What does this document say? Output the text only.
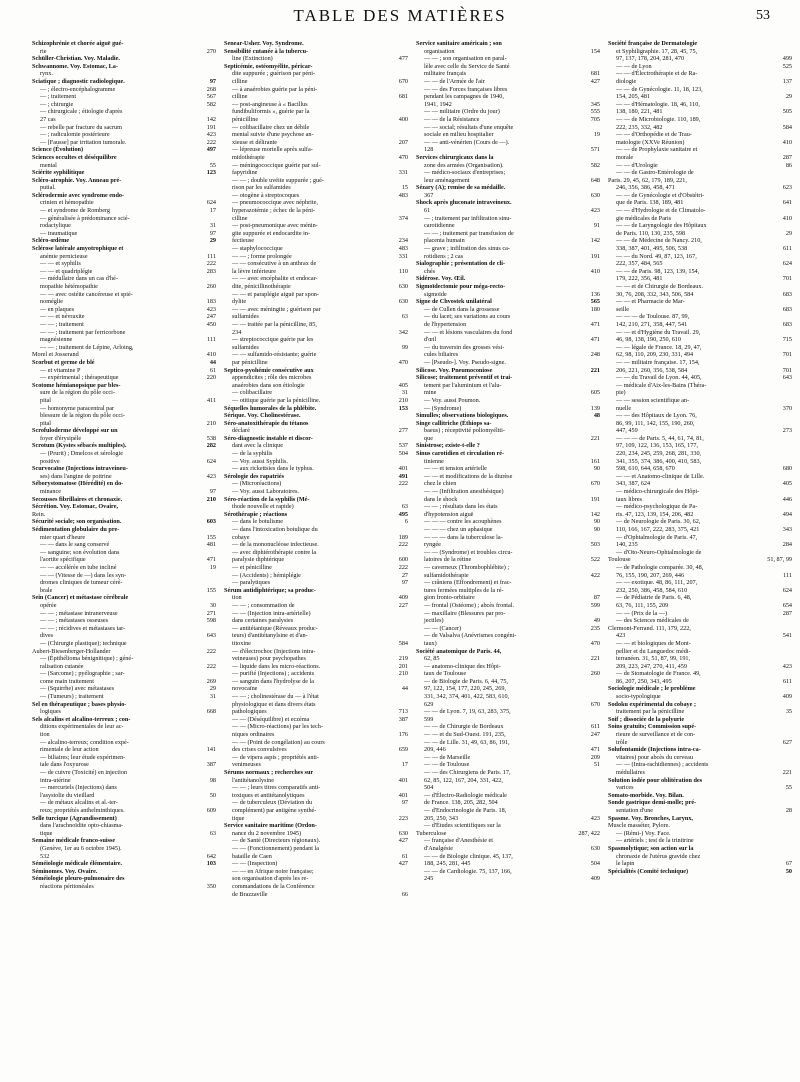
TABLE DES MATIÈRES	53
Schizophrénie et chorée aiguë gué-
rie	270
Schüller-Christian. Voy. Maladie.
Schwannome. Voy. Estomac, La-
rynx.
Sciatique ; diagnostic radiologique.	97
— ; électro-encéphalogramme	268
— ; traitement	567
— ; chirurgie	582
— chirurgicale ; étiologie d'après
27 cas	142
— rebelle par fracture du sacrum	191
— ; radiculomie postérieure	423
— [Fausse] par irritation tumorale.	222
Science (Évolution)	497
Sciences occultes et déséquilibre
mental	55
Sciérite syphilitique	123
Scléro-atrophie. Voy. Anneau pré-
putial.
Sclérodermie avec syndrome endo-
crinien et hémopathie	624
— et syndrome de Romberg	17
— généralisée à prédominance scié-
rodactylique	31
— traumatique	97
Scléro-œdème	29
Sclérose latérale amyotrophique et
anémie pernicieuse	111
— — et syphilis	222
— — et quadriplégie	283
— médullaire dans un cas d'hé-
mopathie hétémopathie	260
— — avec ostéite cancéreuse et spié-
noméglie	183
— en plaques	423
— — et névraxite	247
— — ; traitement	450
— — ; traitement par ferricorbone
magnésienne	111
— — ; traitement de Lépine, Arloing,
Morel et Josserand	410
Scorbut et germe de blé	44
— et vitamine P	61
— expérimental ; thérapeutique	220
Scotome hémianopsique par bles-
sure de la région du pôle occi-
pital	411
— homonyme paracentral par
blessure de la région du pôle occi-
pital	210
Scrofuloderme développé sur un
foyer d'érysipèle	538
Scrotum (Kystes sébacés multiples).	282
— (Prurit) ; Dmelcos et sérologie
positive	624
Scurvocaïne (Injections intraveineu-
ses) dans l'angine de poitrine	423
Séborystomatose (Hérédité) en do-
minance	97
Secousses fibrillaires et chronaxie.	210
Sécrétion. Voy. Estomac, Ovaire,
Rein.
Sécurité sociale; son organisation.	603
Sédimentation globulaire du pre-
mier quart d'heure	155
— — dans le sang conservé	481
— sanguine; son évolution dans
l'aortite spécifique	471
— — accélérée en tube incliné	19
— — (Vitesse de —) dans les syn-
dromes cliniques de tumeur céré-
brale	155
Sein (Cancer) et métastase cérébrale
opérée	30
— — ; métastase intranerveuse	271
— — ; métastases osseuses	598
— — ; récidives et métastases tar-
dives	643
— (Chirurgie plastique); technique
Aubert-Biesenberger-Hollander	222
— (Épithélioma bénignitique) ; géné-
ralisation cutanée	222
— (Sarcome) ; pyélographie ; sar-
come main traitement	269
— (Squirrhe) avec métastases	29
— (Tumeurs) ; traitement	31
Sel en thérapeutique ; bases physio-
logiques	668
Sels alcalins et alcalino-terreux ; con-
ditions expérimentales de leur ac-
tion
— alcalino-terreux; condition expé-
rimentale de leur action	141
— biliaires; leur étude expérimen-
tale dans l'oxyurose	387
— de cuivre (Toxicité) en injection
intra-utérine	98
— mercuriels (Injections) dans
l'asystolie du vieillard	50
— de métaux alcalins et al.-ter-
reux; propriétés anthelminthiques.	609
Selle turcique (Agrandissement)
dans l'arachnoïdite opto-chiasma-
tique	63
Semaine médicale franco-suisse
(Genève, 1er au 6 octobre 1945).
532	642
Séméiologie médicale élémentaire.	103
Séminomes. Voy. Ovaire.
Séméiologie pleuro-pulmonaire des
réactions péritonéales	350
Senear-Usher. Voy. Syndrome.
Sensibilité cutanée à la tubercu-
line (Extinction)	477
Septicémie, ostéomyélite, péricar-
dite suppurée ; guérison par péni-
cilline	670
— à anaérobies guérie par la péni-
cilline	681
— post-angineuse à « Bacillus
fundibuliformis », guérie par la
pénicilline	400
— colibacillaire chez un débile
mental suivie d'une psychose an-
xieuse et délirante	207
— lépreuse mortelle après sulfa-
midothérapie	470
— méningococcique guérie par sul-
fapyridine	331
— — ; double uvéite suppurée ; gué-
rison par les sulfamides	15
— otogène à streptocoques	483
— pneumococcique avec néphrite,
hyperazotémie ; échec de la péni-
cilline	374
— post-pneumonique avec ménin-
gite suppurée et endocardite in-
fectieuse	234
— staphylococcique	483
— — ; forme prolongée	331
— — consécutive à un anthrax de
la lèvre inférieure	110
— — avec encéphalite et endocar-
dite, pénicillinothérapie	630
— — et paraplégie aiguë par spon-
dylite	630
— — avec méningite ; guérison par
sulfamides	63
— — traitée par la pénicilline, 85,
234	342
— streptococcique guérie par les
sulfamides	99
— — sulfamido-résistante; guérie
par pénicilline	470
Septico-pyohémie consécutive aux
appendicites ; rôle des microbes
anaérobies dans son étiologie	405
— colibacillaire	31
— otitique guérie par la pénicilline.	210
Séquelles humorales de la phlébite.	153
Sérique. Voy. Cholinestérase.
Séro-anatoxithérapie du tétanos
déclaré	277
Séro-diagnostic instable et discor-
dant avec la clinique	537
— de la syphilis	504
— Voy. aussi Syphilis.
— aux rickettsies dans le typhus.	401
Sérologie des rapatriés	491
— (Microréactions)	222
— Voy. aussi Laboratoires.
Séro-réaction de la syphilis (Mé-
thode nouvelle et rapide)	63
Sérothérapie ; réactions	495
— dans le botulisme	6
— dans l'intoxication botulique du
cobaye	189
— de la mononucléose infectieuse.	222
— avec diphtérothérapie contre la
paralysie diphtérique	600
— et pénicilline	222
— (Accidents) ; hémiplégie	27
— paralytiques	97
Sérum antidiphtérique; sa produc-
tion	409
— — ; consommation de	227
— — (Injection intra-artérielle)
dans certaines paralysies
— antitétanique (Réveaux produc-
teurs) d'antitétanylsine et d'an-
titoxine	584
— d'électrochoc (Injections intra-
veineuses) pour psychopathes	219
— liquide dans les micro-réactions.	201
— purifié (Injections) ; accidents	210
— sanguin dans l'hydrolyse de la
novocaïne	44
— — ; cholinestérase du — à l'état
physiologique et dans divers états
pathologiques	713
— — (Déséquilibre) et eczéma	387
— — (Micro-réactions) par les tech-
niques ordinaires	176
— — (Point de congélation) au cours
des crises convulsives	659
— de vipera aspis ; propriétés anti-
venimeuses	17
Sérums normaux ; recherches sur
l'antitétanolysine	401
— — ; leurs titres comparatifs anti-
toxiques et antitétanolytiques	401
— de tuberculeux (Déviation du	97
complément) par antigène synthé-
tique	223
Service sanitaire maritime (Ordon-
nance du 2 novembre 1945)	630
— de Santé (Directeurs régionaux).	427
— — (Fonctionnement) pendant la
bataille de Caen	61
— — (Inspection)	427
— — en Afrique noire française;
son organisation d'après les re-
commandations de la Conférence
de Brazzaville	66
Service sanitaire américain ; son
organisation	154
— — ; son organisation en paral-
lèle avec celle du Service de Santé
militaire français	681
— — de l'Armée de l'air	427
— — des Forces françaises libres
pendant les campagnes de 1940,
1941, 1942	345
— — militaire (Ordre du jour)	555
— — de la Résistance	705
— — social; résultats d'une enquête
sociale en milieu hospitalier	19
— — anti-vénérien (Cours de —).
128	571
Services chirurgicaux dans la
zone des armées (Organisation).	582
— médico-sociaux d'entreprises;
leur aménagement	648
Sézary (A); remise de sa médaille.
367	630
Shock après gluconate intraveineux.
61	423
— ; traitement par infiltration sinu-
carotidienne	91
— — ; traitement par transfusion de
placenta humain	142
— grave ; infiltration des sinus ca-
rotidiens ; 2 cas	191
Sialographie ; présentation de cli-
chés	410
Sidérose. Voy. Œil.
Sigmoïdectomie pour méga-recto-
sigmoïde	136
Signe de Chvostek unilatéral	565
— de Cullen dans la grossesse	180
— du lacet; ses variations au cours
de l'hypertension	471
— — et lésions vasculaires du fond
d'œil	471
— du traversin des grosses vési-
cules biliaires	248
— [Pseudo-]. Voy. Pseudo-signe.
Silicose. Voy. Pneumoconiose	221
Silicose; traitement préventif et trai-
tement par l'aluminium et l'alu-
mine	605
— Voy. aussi Poumon.
— (Syndrome)	139
Simulles; observations biologiques.	48
Singe callitriche (Éthiops sa-
baeus) ; réceptivité poliomyéliti-
que	221
Sinistrose; existe-t-elle ?
Sinus carotidien et circulation ré-
tinienne	161
— — et tension artérielle	90
— — et modifications de la diurèse
chez le chien	670
— — (Infiltration anesthésique)
dans le shock	191
— — ; résultats dans les états
d'hypotension aiguë	142
— — — contre les acouphènes	90
— — — chez un aphasique	90
— — — dans la tuberculose la-
ryngée	503
— — (Syndrome) et troubles circu-
latoires de la rétine	522
— caverneux (Thrombophlébite) ;
sulfamidothérapie	422
— crâniens (Effondrement) et frac-
tures fermées multiples de la ré-
gion fronto-orbitaire	87
— frontal (Ostéome) ; abcès frontal.	599
— maxillaire (Blessures par pro-
jectiles)	49
— — (Cancer)	235
— de Valsalva (Anévrismes congéni-
taux)	470
Société anatomique de Paris. 44,
62, 85	221
— anatomo-clinique des Hôpi-
taux de Toulouse	260
— de Biologie de Paris. 6, 44, 75,
97, 122, 154, 177, 220, 245, 269,
331, 342, 374, 401, 422, 583, 610,
629	670
— — de Lyon. 7, 19, 63, 283, 375,
599
— — de Chirurgie de Bordeaux	611
— — et du Sud-Ouest. 191, 235,	247
— — de Lille. 31, 49, 63, 86, 191,
209, 446	471
— — de Marseille	209
— — de Toulouse	51
— — des Chirurgiens de Paris. 17,
62, 85, 122, 167, 204, 331, 422,
504
— d'Électro-Radiologie médicale
de France. 138, 205, 282, 504
— d'Endocrinologie de Paris. 18,
205, 250, 343	423
— d'Études scientifiques sur la
Tuberculose	287, 422
— française d'Anesthésie et
d'Analgésie	630
— — de Biologie clinique. 45, 137,
188, 245, 281, 445	504
— — de Cardiologie. 75, 137, 166,
245	409
Société française de Dermatologie
et Syphiligraphie. 17, 28, 45, 75,
97, 137, 178, 204, 281, 470	499
— — de Lyon	525
— — d'Électrothérapie et de Ra-
diologie	137
— — de Gynécologie. 11, 18, 123,
154, 205, 481	29
— — d'Hématologie. 18, 46, 110,
138, 180, 221, 481	505
— — de Microbiologie. 110, 189,
222, 235, 332, 482	584
— — d'Orthopédie et de Trau-
matologie (XXVe Réunion)	410
— — de Prophylaxie sanitaire et
morale	287
— — d'Urologie	86
— — de Gastro-Entérologie de
Paris. 29, 45, 62, 179, 189, 221,
246, 356, 386, 458, 471	623
— — de Gynécologie et d'Obstétri-
que de Paris. 138, 189, 481	641
— — d'Hydrologie et de Climatolo-
gie médicales de Paris	410
— — de Laryngologie des Hôpitaux
de Paris. 110, 130, 235, 598	29
— — de Médecine de Nancy. 210,
338, 387, 401, 495, 506, 538	611
— — du Nord. 49, 87, 123, 167,
222, 357, 484, 565	624
— — de Paris. 98, 123, 139, 154,
179, 222, 356, 481	701
— — et de Chirurgie de Bordeaux.
30, 76, 208, 332, 343, 506, 584	683
— — et Pharmacie de Mar-
seille	683
— — — de Toulouse. 87, 99,
142, 210, 271, 358, 447, 541	683
— — et d'Hygiène du Travail. 29,
46, 98, 138, 190, 250, 610	715
— — légale de France. 18, 29, 47,
62, 98, 110, 209, 230, 331, 494	701
— — militaire française. 17, 154,
206, 221, 260, 356, 538, 584	701
— — du Travail de Lyon. 44, 405,	643
— médicale d'Aix-les-Bains (Théra-
pie)
— — session scientifique an-
nuelle	370
— — des Hôpitaux de Lyon. 76,
86, 99, 111, 142, 155, 190, 260,
447, 459	273
— — — de Paris. 5, 44, 61, 74, 81,
97, 109, 122, 136, 153, 165, 177,
220, 234, 245, 259, 268, 281, 330,
341, 355, 374, 386, 400, 410, 583,
598, 610, 644, 658, 670	680
— — et Anatomo-clinique de Lille.
343, 387, 624	405
— médico-chirurgicale des Hôpi-
taux libres	446
— médico-psychologique de Pa-
ris. 47, 123, 139, 154, 206, 482	494
— de Neurologie de Paris. 30, 62,
110, 166, 167, 222, 283, 375, 421	343
— d'Ophtalmologie de Paris. 47,
140, 235	284
— d'Oto-Neuro-Ophtalmologie de
Toulouse	51, 87, 99
— de Pathologie comparée. 30, 48,
76, 155, 190, 207, 269, 446	111
— — exotique. 48, 86, 111, 207,
232, 250, 386, 458, 584, 610	624
— de Pédiatrie de Paris. 6, 48,
63, 76, 111, 155, 209	654
— — (Prix de la —)	287
— des Sciences médicales de
Clermont-Ferrand. 111, 179, 222,
423	541
— — et biologiques de Mont-
pellier et du Languedoc médi-
terranéen. 31, 51, 87, 99, 191,
209, 223, 247, 270, 411, 459	423
— de Stomatologie de France. 49,
86, 207, 250, 343, 495	611
Sociologie médicale ; le problème
socio-typologique	409
Sodoku expérimental du cobaye ;
traitement par la pénicilline	35
Soif ; dissociée de la polyurie
Soins gratuits; Commission supé-
rieure de surveillance et de con-
trôle	627
Solufontamide (Injections intra-ca-
vitaires) pour abcès du cerveau
— — (Intra-rachidiennes) ; accidents
médullaires	221
Solution iodée pour oblitération des
varices	55
Somato-morbide. Voy. Bilan.
Sonde gastrique demi-molle; pré-
sentation d'une	28
Spasme. Voy. Bronches, Larynx,
Muscle masséter, Pylore.
— (Rémi-) Voy. Face.
— artériels ; test de la trinitrine
Spasmolytique; son action sur la
chronaxie de l'utérus gravide chez
le lapin	67
Spécialités (Comité technique)	50
